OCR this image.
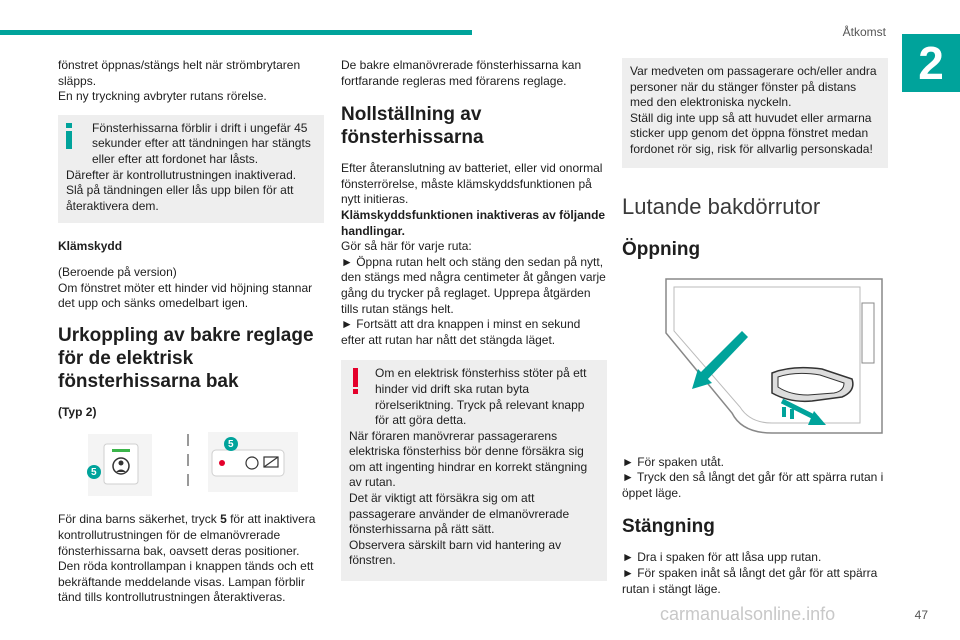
Åtkomst
2

fönstret öppnas/stängs helt när strömbrytaren släpps.

En ny tryckning avbryter rutans rörelse.

Fönsterhissarna förblir i drift i ungefär 45 sekunder efter att tändningen har stängts eller efter att fordonet har låsts.
Därefter är kontrollutrustningen inaktiverad.
Slå på tändningen eller lås upp bilen för att återaktivera dem.

Klämskydd

(Beroende på version)

Om fönstret möter ett hinder vid höjning stannar det upp och sänks omedelbart igen.

Urkoppling av bakre reglage för de elektrisk fönsterhissarna bak

(Typ 2)

5
5

För dina barns säkerhet, tryck 5 för att inaktivera kontrollutrustningen för de elmanövrerade fönsterhissarna bak, oavsett deras positioner.

Den röda kontrollampan i knappen tänds och ett bekräftande meddelande visas. Lampan förblir tänd tills kontrollutrustningen återaktiveras.

De bakre elmanövrerade fönsterhissarna kan fortfarande regleras med förarens reglage.

Nollställning av fönsterhissarna

Efter återanslutning av batteriet, eller vid onormal fönsterrörelse, måste klämskyddsfunktionen på nytt initieras.

Klämskyddsfunktionen inaktiveras av följande handlingar.

Gör så här för varje ruta:

► Öppna rutan helt och stäng den sedan på nytt, den stängs med några centimeter åt gången varje gång du trycker på reglaget. Upprepa åtgärden tills rutan stängs helt.

► Fortsätt att dra knappen i minst en sekund efter att rutan har nått det stängda läget.

Om en elektrisk fönsterhiss stöter på ett hinder vid drift ska rutan byta rörelseriktning. Tryck på relevant knapp för att göra detta.
När föraren manövrerar passagerarens elektriska fönsterhiss bör denne försäkra sig om att ingenting hindrar en korrekt stängning av rutan.
Det är viktigt att försäkra sig om att passagerare använder de elmanövrerade fönsterhissarna på rätt sätt.
Observera särskilt barn vid hantering av fönstren.
Var medveten om passagerare och/eller andra personer när du stänger fönster på distans med den elektroniska nyckeln.
Ställ dig inte upp så att huvudet eller armarna sticker upp genom det öppna fönstret medan fordonet rör sig, risk för allvarlig personskada!
Lutande bakdörrutor
Öppning

► För spaken utåt.

► Tryck den så långt det går för att spärra rutan i öppet läge.

Stängning

► Dra i spaken för att låsa upp rutan.

► För spaken inåt så långt det går för att spärra rutan i stängt läge.

carmanualsonline.info	47
